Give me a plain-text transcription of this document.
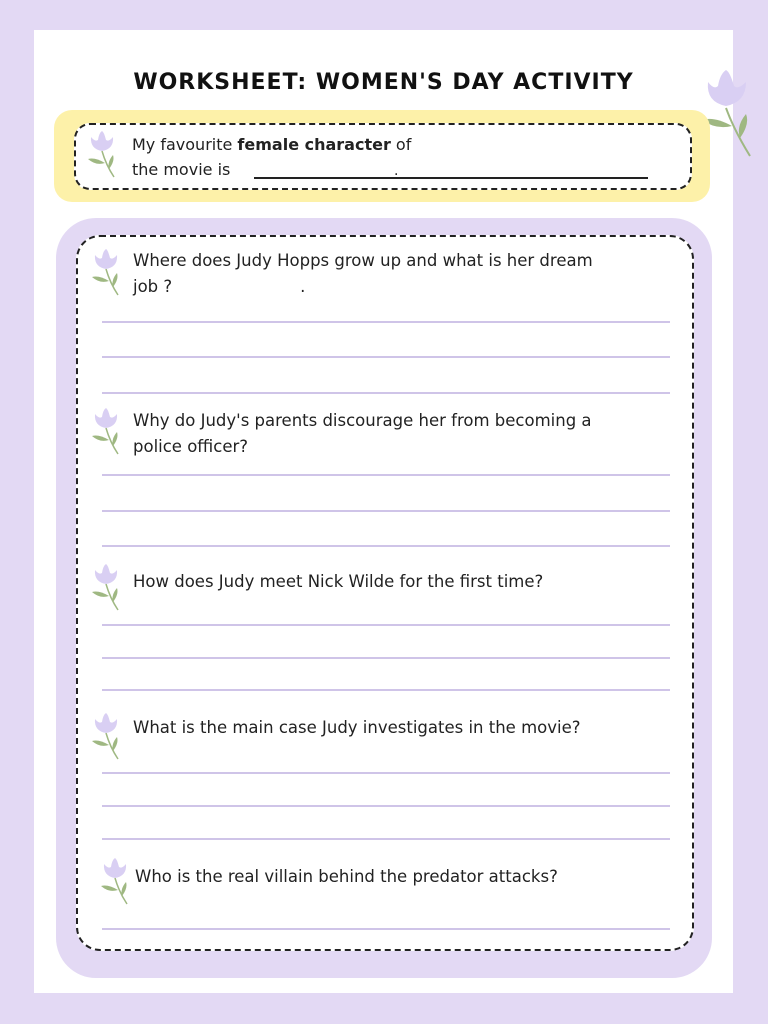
WORKSHEET: WOMEN'S DAY ACTIVITY
My favourite female character of
the movie is	.
Where does Judy Hopps grow up and what is her dream
job ?	.
Why do Judy's parents discourage her from becoming a
police officer?
How does Judy meet Nick Wilde for the first time?
What is the main case Judy investigates in the movie?
Who is the real villain behind the predator attacks?
